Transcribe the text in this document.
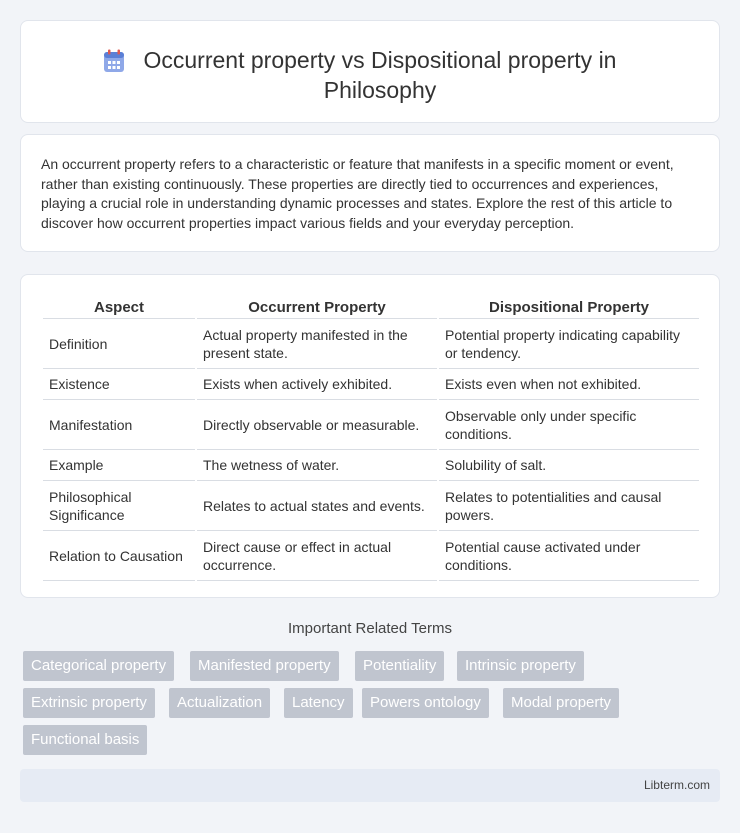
Occurrent property vs Dispositional property in Philosophy

An occurrent property refers to a characteristic or feature that manifests in a specific moment or event, rather than existing continuously. These properties are directly tied to occurrences and experiences, playing a crucial role in understanding dynamic processes and states. Explore the rest of this article to discover how occurrent properties impact various fields and your everyday perception.

Aspect	Occurrent Property	Dispositional Property
Definition	Actual property manifested in the present state.	Potential property indicating capability or tendency.
Existence	Exists when actively exhibited.	Exists even when not exhibited.
Manifestation	Directly observable or measurable.	Observable only under specific conditions.
Example	The wetness of water.	Solubility of salt.
Philosophical Significance	Relates to actual states and events.	Relates to potentialities and causal powers.
Relation to Causation	Direct cause or effect in actual occurrence.	Potential cause activated under conditions.
Important Related Terms
Categorical property	Manifested property	Potentiality	Intrinsic property
Extrinsic property	Actualization	Latency	Powers ontology	Modal property
Functional basis
Libterm.com
